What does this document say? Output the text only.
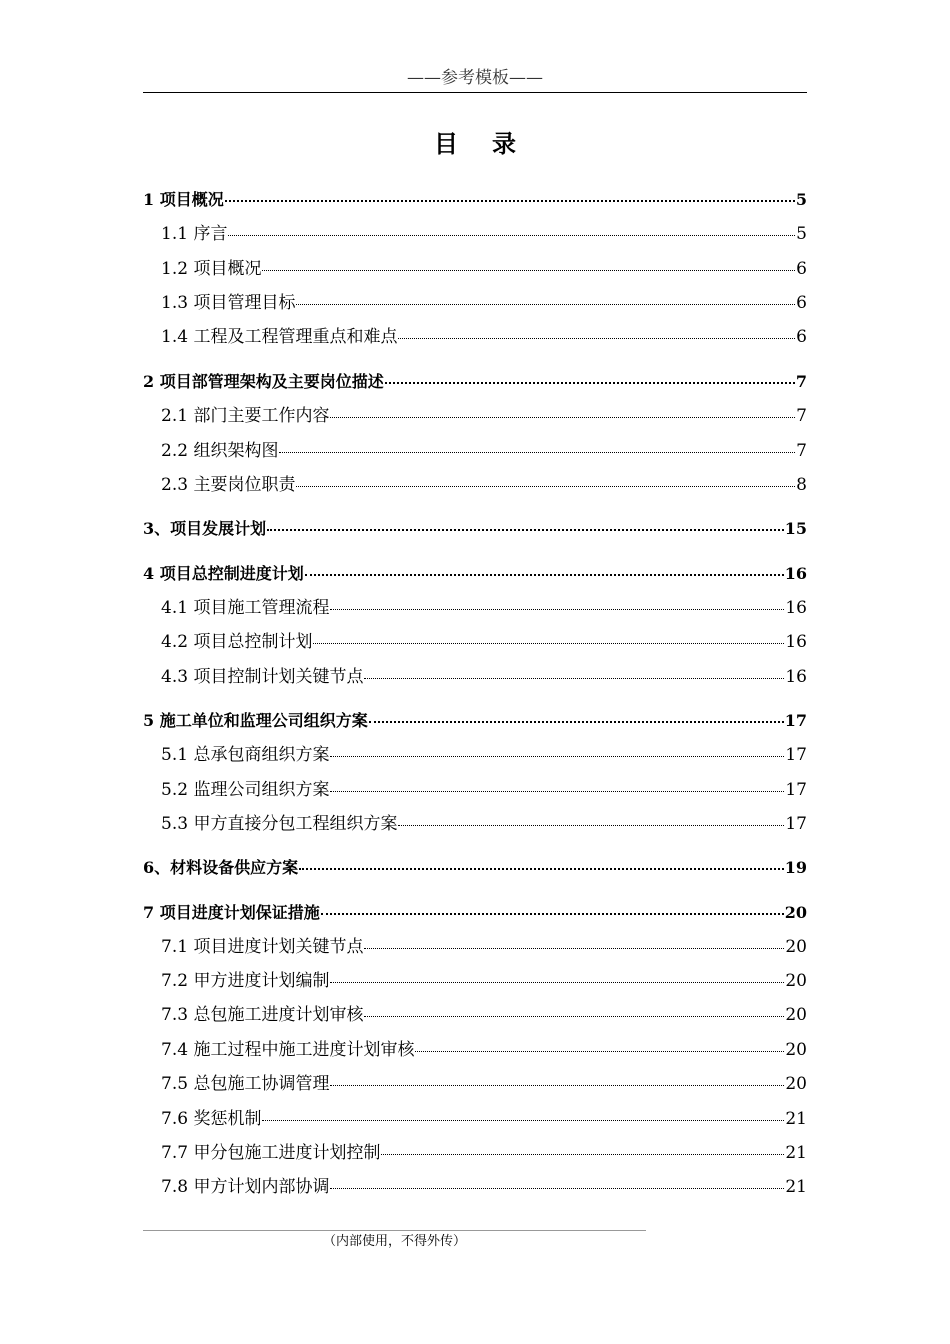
——参考模板——
目录
1 项目概况	5
1.1 序言	5
1.2 项目概况	6
1.3 项目管理目标	6
1.4 工程及工程管理重点和难点	6
2 项目部管理架构及主要岗位描述	7
2.1 部门主要工作内容	7
2.2 组织架构图	7
2.3 主要岗位职责	8
3、项目发展计划	15
4 项目总控制进度计划	16
4.1 项目施工管理流程	16
4.2 项目总控制计划	16
4.3 项目控制计划关键节点	16
5 施工单位和监理公司组织方案	17
5.1 总承包商组织方案	17
5.2 监理公司组织方案	17
5.3 甲方直接分包工程组织方案	17
6、材料设备供应方案	19
7 项目进度计划保证措施	20
7.1 项目进度计划关键节点	20
7.2 甲方进度计划编制	20
7.3 总包施工进度计划审核	20
7.4 施工过程中施工进度计划审核	20
7.5 总包施工协调管理	20
7.6 奖惩机制	21
7.7 甲分包施工进度计划控制	21
7.8 甲方计划内部协调	21
（内部使用，不得外传）
